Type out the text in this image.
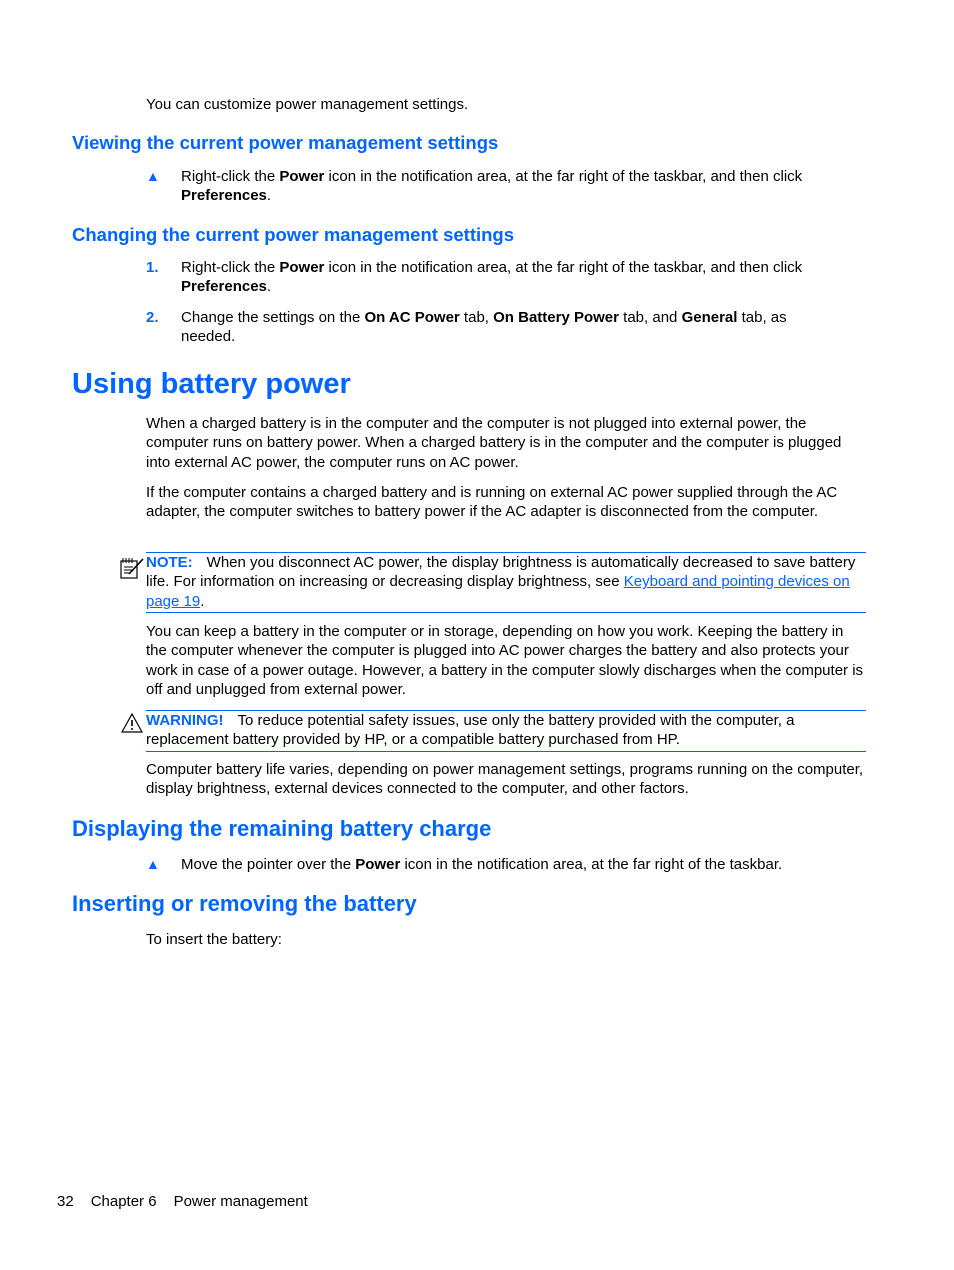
You can customize power management settings.
Viewing the current power management settings
▲ Right-click the Power icon in the notification area, at the far right of the taskbar, and then click
Preferences.
Changing the current power management settings
1. Right-click the Power icon in the notification area, at the far right of the taskbar, and then click
Preferences.
2. Change the settings on the On AC Power tab, On Battery Power tab, and General tab, as
needed.
Using battery power
When a charged battery is in the computer and the computer is not plugged into external power, the computer runs on battery power. When a charged battery is in the computer and the computer is plugged into external AC power, the computer runs on AC power.
If the computer contains a charged battery and is running on external AC power supplied through the AC adapter, the computer switches to battery power if the AC adapter is disconnected from the computer.
NOTE: When you disconnect AC power, the display brightness is automatically decreased to save battery life. For information on increasing or decreasing display brightness, see Keyboard and pointing devices on page 19.
You can keep a battery in the computer or in storage, depending on how you work. Keeping the battery in the computer whenever the computer is plugged into AC power charges the battery and also protects your work in case of a power outage. However, a battery in the computer slowly discharges when the computer is off and unplugged from external power.
WARNING! To reduce potential safety issues, use only the battery provided with the computer, a replacement battery provided by HP, or a compatible battery purchased from HP.
Computer battery life varies, depending on power management settings, programs running on the computer, display brightness, external devices connected to the computer, and other factors.
Displaying the remaining battery charge
▲ Move the pointer over the Power icon in the notification area, at the far right of the taskbar.
Inserting or removing the battery
To insert the battery:
32 Chapter 6 Power management
